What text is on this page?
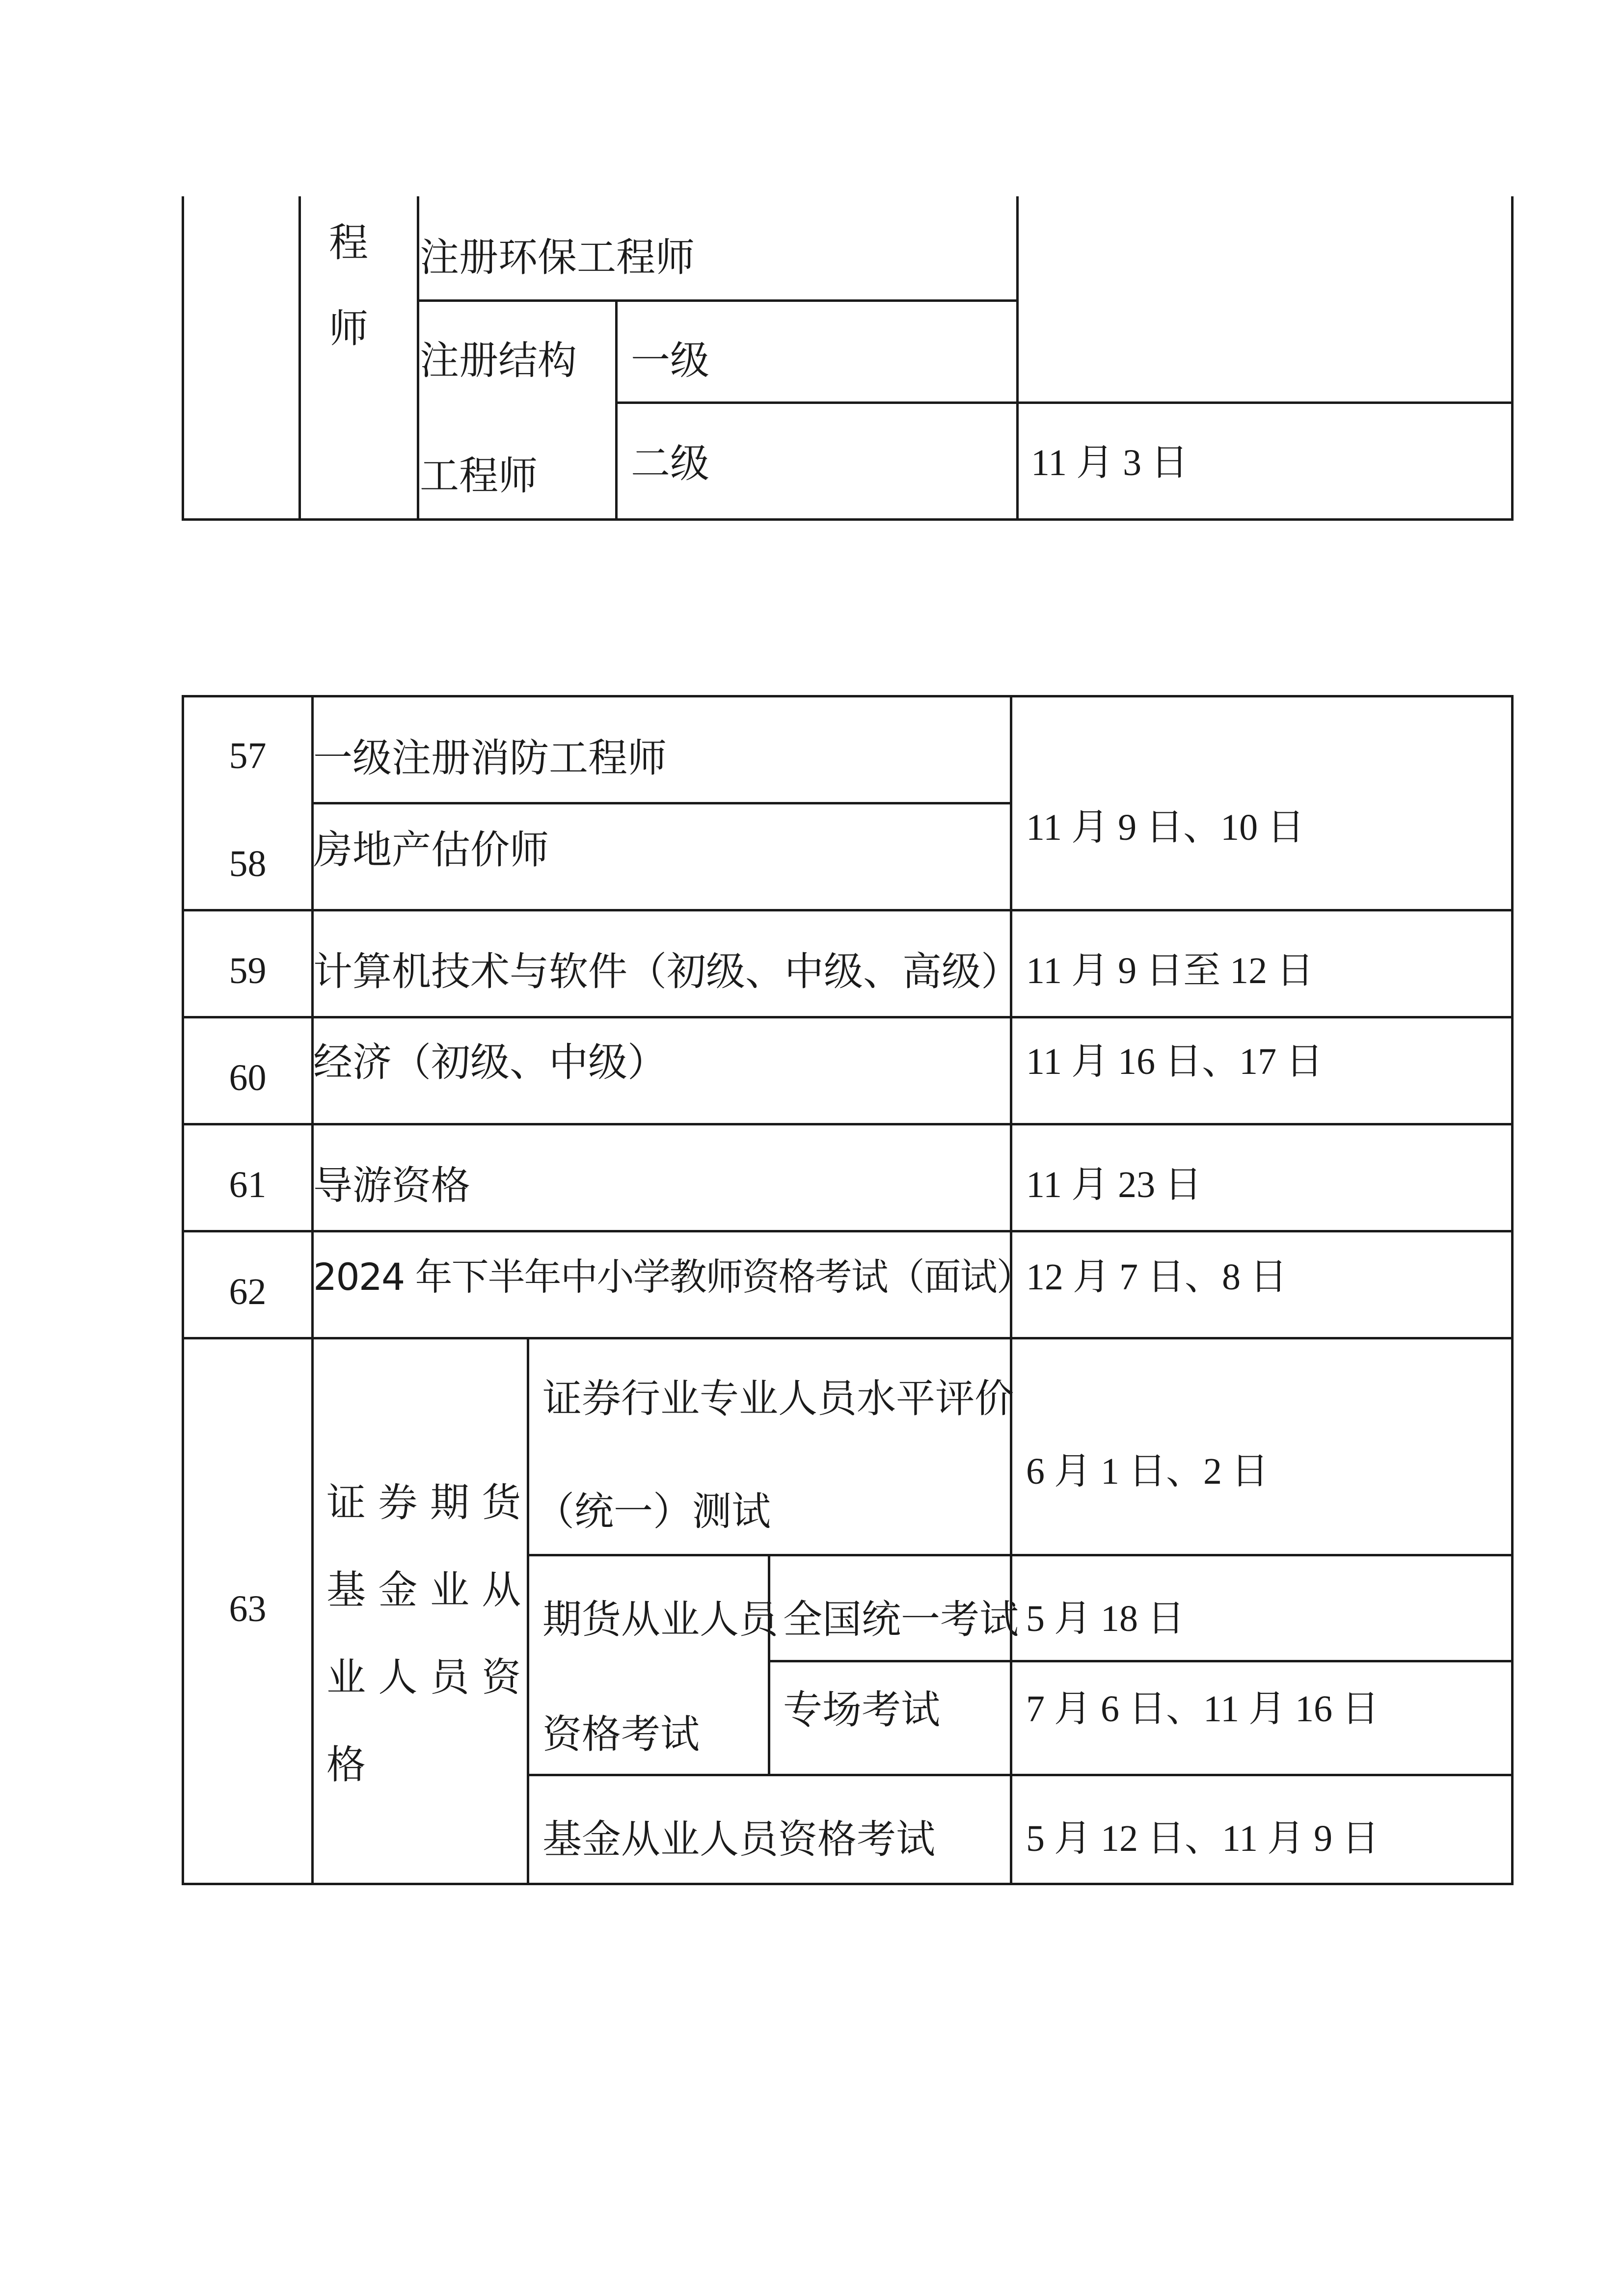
程
师
注册环保工程师
注册结构
工程师
一级
二级	11 月 3 日
57
58
59
60
61
62
63
一级注册消防工程师
房地产估价师
计算机技术与软件（初级、中级、高级）
经济（初级、中级）
导游资格
2024 年下半年中小学教师资格考试（面试）
11 月 9 日、10 日
11 月 9 日至 12 日
11 月 16 日、17 日
11 月 23 日
12 月 7 日、8 日
证 券 期 货
基 金 业 从
业 人 员 资
格
证券行业专业人员水平评价
（统一）测试
6 月 1 日、2 日
期货从业人员
资格考试
全国统一考试 5 月 18 日
专场考试 7 月 6 日、11 月 16 日
基金从业人员资格考试 5 月 12 日、11 月 9 日
